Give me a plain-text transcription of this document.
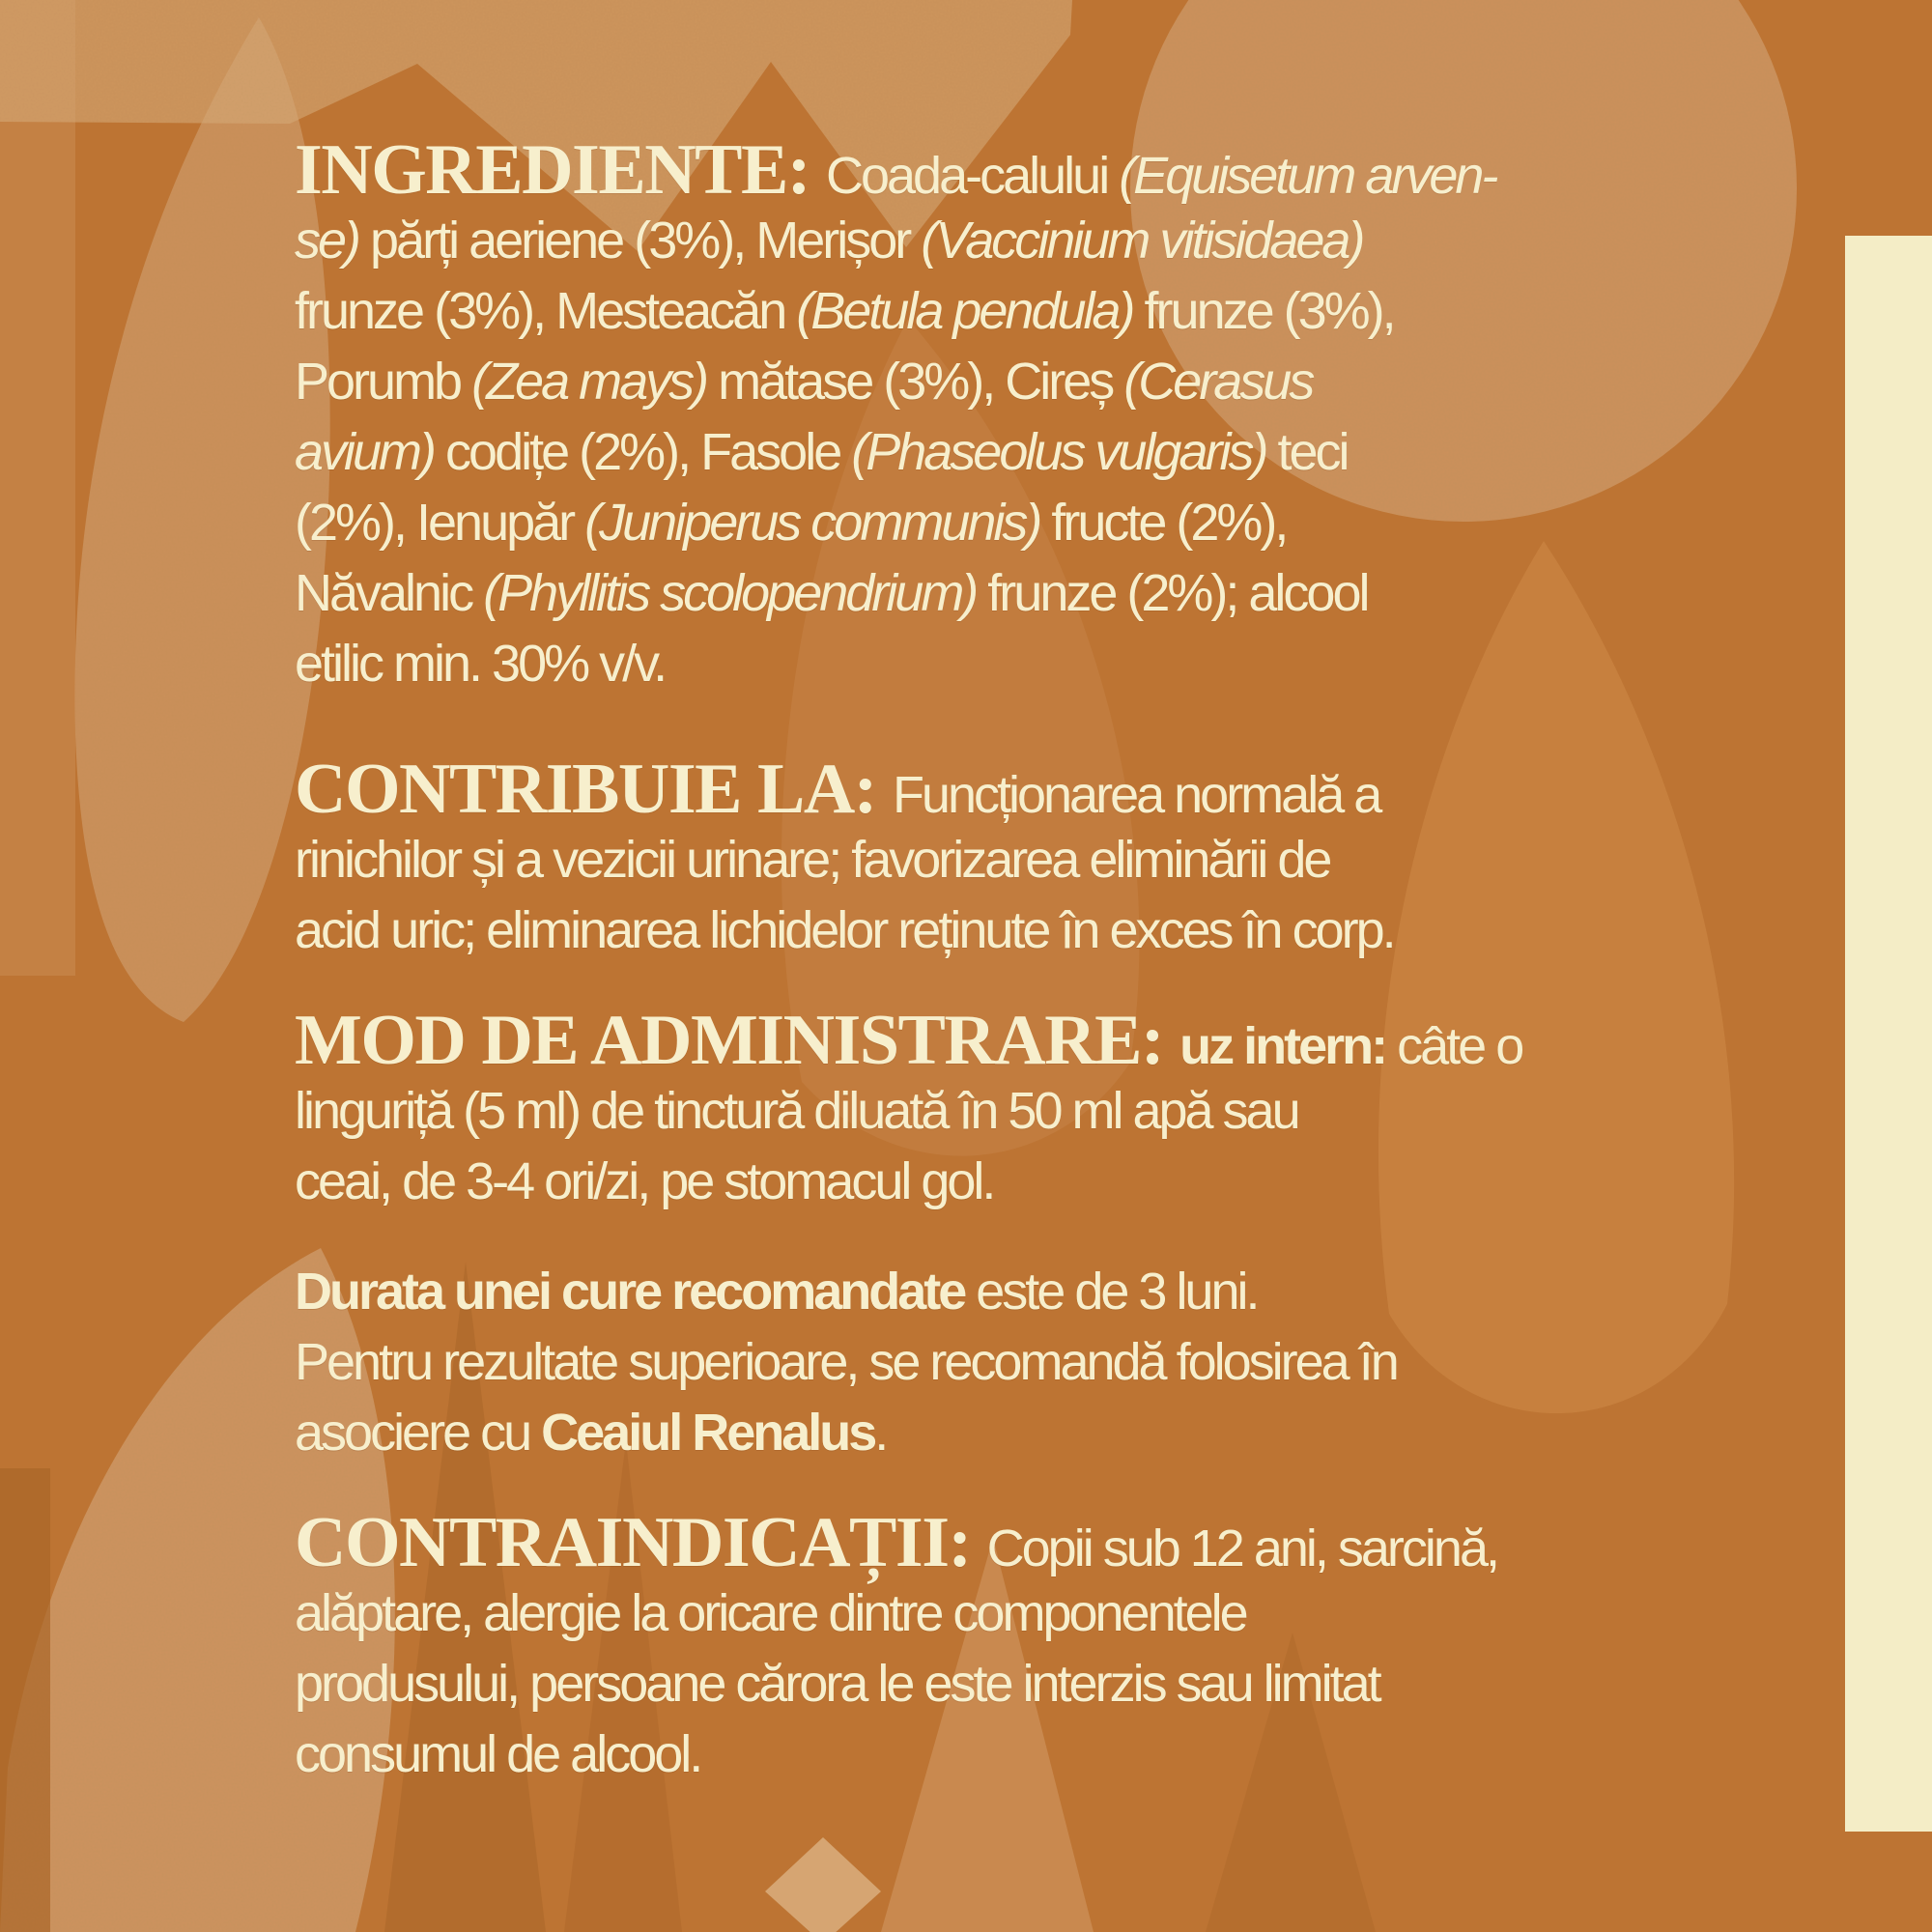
INGREDIENTE: Coada-calului (Equisetum arven-
se) părți aeriene (3%), Merișor (Vaccinium vitisidaea)
frunze (3%), Mesteacăn (Betula pendula) frunze (3%),
Porumb (Zea mays) mătase (3%), Cireș (Cerasus
avium) codițe (2%), Fasole (Phaseolus vulgaris) teci
(2%), Ienupăr (Juniperus communis) fructe (2%),
Năvalnic (Phyllitis scolopendrium) frunze (2%); alcool
etilic min. 30% v/v.
CONTRIBUIE LA: Funcționarea normală a
rinichilor și a vezicii urinare; favorizarea eliminării de
acid uric; eliminarea lichidelor reținute în exces în corp.
MOD DE ADMINISTRARE: uz intern: câte o
linguriță (5 ml) de tinctură diluată în 50 ml apă sau
ceai, de 3-4 ori/zi, pe stomacul gol.
Durata unei cure recomandate este de 3 luni.
Pentru rezultate superioare, se recomandă folosirea în
asociere cu Ceaiul Renalus.
CONTRAINDICAȚII: Copii sub 12 ani, sarcină,
alăptare, alergie la oricare dintre componentele
produsului, persoane cărora le este interzis sau limitat
consumul de alcool.
